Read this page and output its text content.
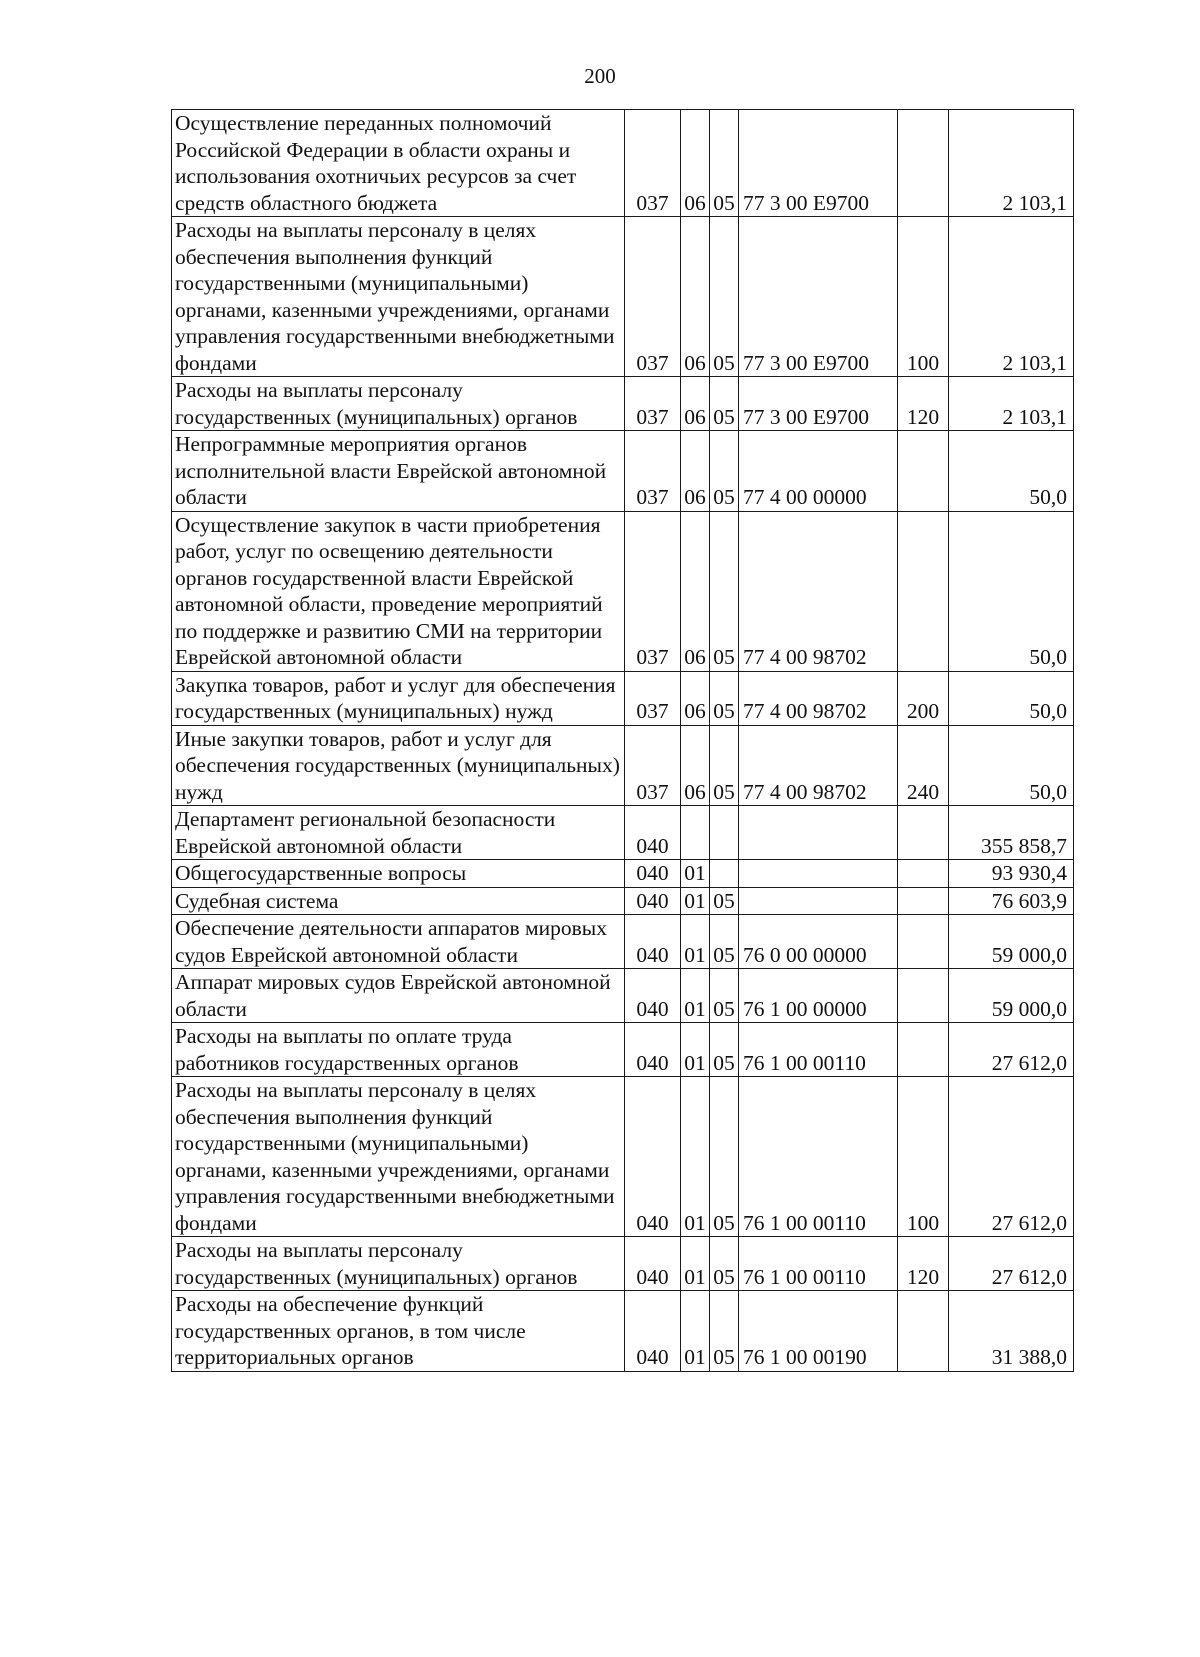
200
Осуществление переданных полномочий Российской Федерации в области охраны и использования охотничьих ресурсов за счет средств областного бюджета	037	06	05	77 3 00 E9700		2 103,1
Расходы на выплаты персоналу в целях обеспечения выполнения функций государственными (муниципальными) органами, казенными учреждениями, органами управления государственными внебюджетными фондами	037	06	05	77 3 00 E9700	100	2 103,1
Расходы на выплаты персоналу государственных (муниципальных) органов	037	06	05	77 3 00 E9700	120	2 103,1
Непрограммные мероприятия органов исполнительной власти Еврейской автономной области	037	06	05	77 4 00 00000		50,0
Осуществление закупок в части приобретения работ, услуг по освещению деятельности органов государственной власти Еврейской автономной области, проведение мероприятий по поддержке и развитию СМИ на территории Еврейской автономной области	037	06	05	77 4 00 98702		50,0
Закупка товаров, работ и услуг для обеспечения государственных (муниципальных) нужд	037	06	05	77 4 00 98702	200	50,0
Иные закупки товаров, работ и услуг для обеспечения государственных (муниципальных) нужд	037	06	05	77 4 00 98702	240	50,0
Департамент региональной безопасности Еврейской автономной области	040					355 858,7
Общегосударственные вопросы	040	01				93 930,4
Судебная система	040	01	05			76 603,9
Обеспечение деятельности аппаратов мировых судов Еврейской автономной области	040	01	05	76 0 00 00000		59 000,0
Аппарат мировых судов Еврейской автономной области	040	01	05	76 1 00 00000		59 000,0
Расходы на выплаты по оплате труда работников государственных органов	040	01	05	76 1 00 00110		27 612,0
Расходы на выплаты персоналу в целях обеспечения выполнения функций государственными (муниципальными) органами, казенными учреждениями, органами управления государственными внебюджетными фондами	040	01	05	76 1 00 00110	100	27 612,0
Расходы на выплаты персоналу государственных (муниципальных) органов	040	01	05	76 1 00 00110	120	27 612,0
Расходы на обеспечение функций государственных органов, в том числе территориальных органов	040	01	05	76 1 00 00190		31 388,0
